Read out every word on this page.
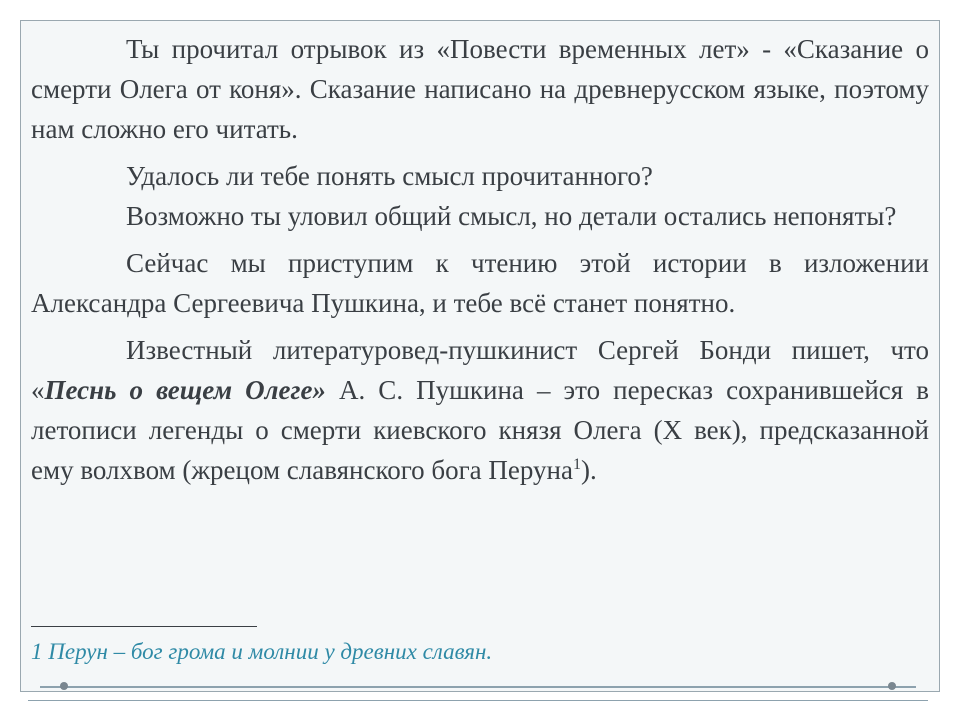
Ты прочитал отрывок из «Повести временных лет» - «Сказание о смерти Олега от коня». Сказание написано на древнерусском языке, поэтому нам сложно его читать.

Удалось ли тебе понять смысл прочитанного?
Возможно ты уловил общий смысл, но детали остались непоняты?

Сейчас мы приступим к чтению этой истории в изложении Александра Сергеевича Пушкина, и тебе всё станет понятно.

Известный литературовед-пушкинист Сергей Бонди пишет, что «Песнь о вещем Олеге» А. С. Пушкина – это пересказ сохранившейся в летописи легенды о смерти киевского князя Олега (X век), предсказанной ему волхвом (жрецом славянского бога Перуна$^1$).

1 Перун – бог грома и молнии у древних славян.
